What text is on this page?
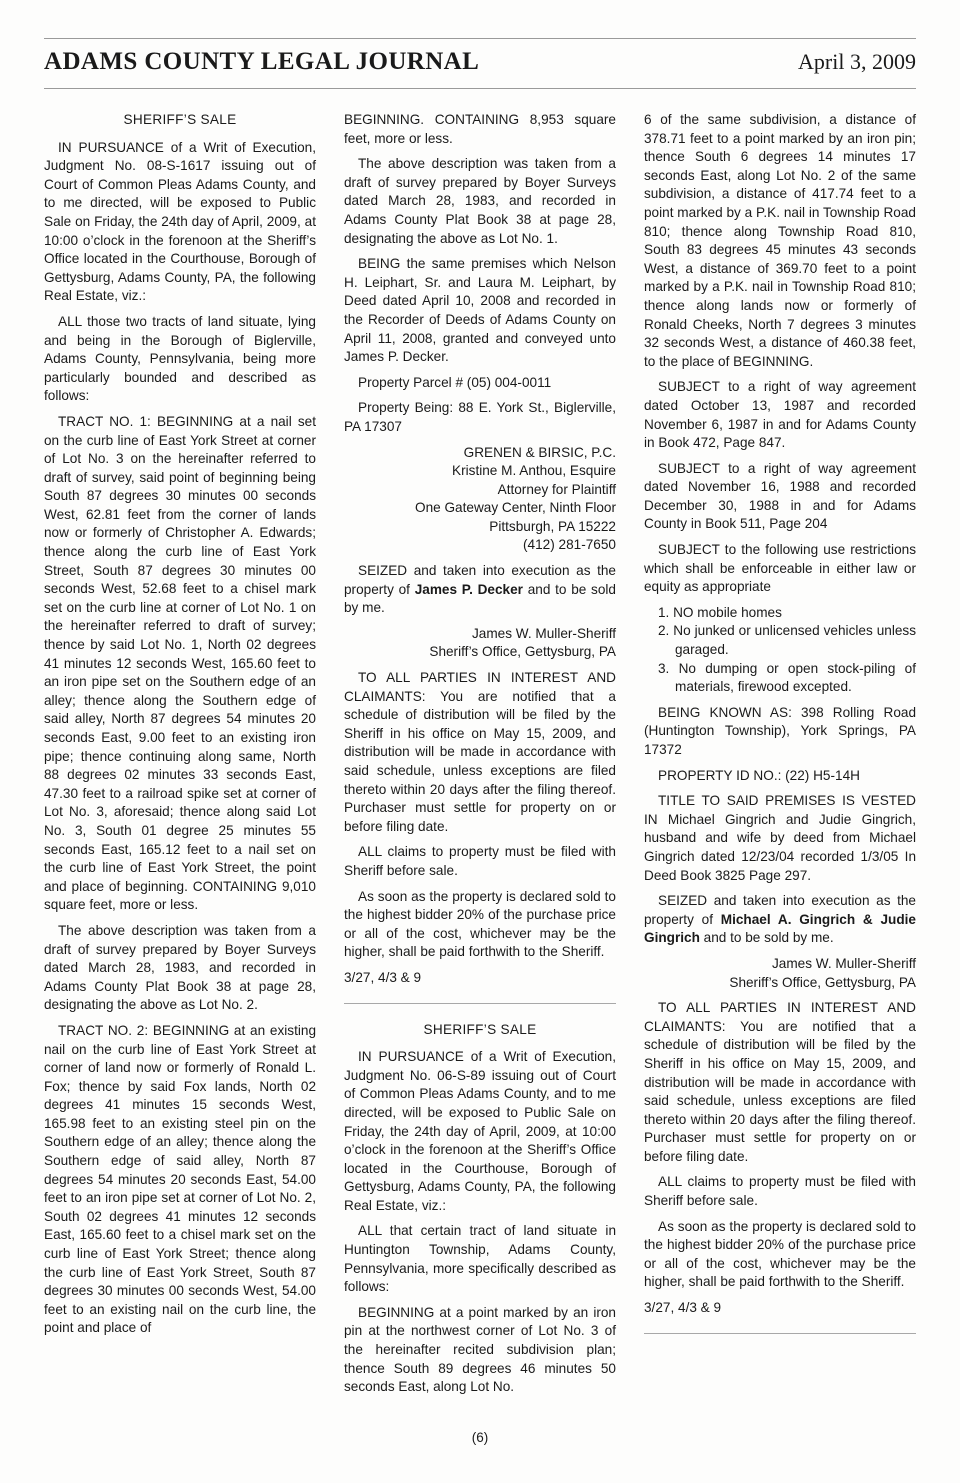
ADAMS COUNTY LEGAL JOURNAL	April 3, 2009
SHERIFF’S SALE

IN PURSUANCE of a Writ of Execution, Judgment No. 08-S-1617 issuing out of Court of Common Pleas Adams County, and to me directed, will be exposed to Public Sale on Friday, the 24th day of April, 2009, at 10:00 o’clock in the forenoon at the Sheriff’s Office located in the Courthouse, Borough of Gettysburg, Adams County, PA, the following Real Estate, viz.:

ALL those two tracts of land situate, lying and being in the Borough of Biglerville, Adams County, Pennsylvania, being more particularly bounded and described as follows:

TRACT NO. 1: BEGINNING at a nail set on the curb line of East York Street at corner of Lot No. 3 on the hereinafter referred to draft of survey, said point of beginning being South 87 degrees 30 minutes 00 seconds West, 62.81 feet from the corner of lands now or formerly of Christopher A. Edwards; thence along the curb line of East York Street, South 87 degrees 30 minutes 00 seconds West, 52.68 feet to a chisel mark set on the curb line at corner of Lot No. 1 on the hereinafter referred to draft of survey; thence by said Lot No. 1, North 02 degrees 41 minutes 12 seconds West, 165.60 feet to an iron pipe set on the Southern edge of an alley; thence along the Southern edge of said alley, North 87 degrees 54 minutes 20 seconds East, 9.00 feet to an existing iron pipe; thence continuing along same, North 88 degrees 02 minutes 33 seconds East, 47.30 feet to a railroad spike set at corner of Lot No. 3, aforesaid; thence along said Lot No. 3, South 01 degree 25 minutes 55 seconds East, 165.12 feet to a nail set on the curb line of East York Street, the point and place of beginning. CONTAINING 9,010 square feet, more or less.

The above description was taken from a draft of survey prepared by Boyer Surveys dated March 28, 1983, and recorded in Adams County Plat Book 38 at page 28, designating the above as Lot No. 2.

TRACT NO. 2: BEGINNING at an existing nail on the curb line of East York Street at corner of land now or formerly of Ronald L. Fox; thence by said Fox lands, North 02 degrees 41 minutes 15 seconds West, 165.98 feet to an existing steel pin on the Southern edge of an alley; thence along the Southern edge of said alley, North 87 degrees 54 minutes 20 seconds East, 54.00 feet to an iron pipe set at corner of Lot No. 2, South 02 degrees 41 minutes 12 seconds East, 165.60 feet to a chisel mark set on the curb line of East York Street; thence along the curb line of East York Street, South 87 degrees 30 minutes 00 seconds West, 54.00 feet to an existing nail on the curb line, the point and place of

BEGINNING. CONTAINING 8,953 square feet, more or less.

The above description was taken from a draft of survey prepared by Boyer Surveys dated March 28, 1983, and recorded in Adams County Plat Book 38 at page 28, designating the above as Lot No. 1.

BEING the same premises which Nelson H. Leiphart, Sr. and Laura M. Leiphart, by Deed dated April 10, 2008 and recorded in the Recorder of Deeds of Adams County on April 11, 2008, granted and conveyed unto James P. Decker.

Property Parcel # (05) 004-0011

Property Being: 88 E. York St., Biglerville, PA 17307

GRENEN & BIRSIC, P.C.
Kristine M. Anthou, Esquire
Attorney for Plaintiff
One Gateway Center, Ninth Floor
Pittsburgh, PA 15222
(412) 281-7650

SEIZED and taken into execution as the property of James P. Decker and to be sold by me.

James W. Muller-Sheriff
Sheriff’s Office, Gettysburg, PA

TO ALL PARTIES IN INTEREST AND CLAIMANTS: You are notified that a schedule of distribution will be filed by the Sheriff in his office on May 15, 2009, and distribution will be made in accordance with said schedule, unless exceptions are filed thereto within 20 days after the filing thereof. Purchaser must settle for property on or before filing date.

ALL claims to property must be filed with Sheriff before sale.

As soon as the property is declared sold to the highest bidder 20% of the purchase price or all of the cost, whichever may be the higher, shall be paid forthwith to the Sheriff.

3/27, 4/3 & 9

SHERIFF’S SALE

IN PURSUANCE of a Writ of Execution, Judgment No. 06-S-89 issuing out of Court of Common Pleas Adams County, and to me directed, will be exposed to Public Sale on Friday, the 24th day of April, 2009, at 10:00 o’clock in the forenoon at the Sheriff’s Office located in the Courthouse, Borough of Gettysburg, Adams County, PA, the following Real Estate, viz.:

ALL that certain tract of land situate in Huntington Township, Adams County, Pennsylvania, more specifically described as follows:

BEGINNING at a point marked by an iron pin at the northwest corner of Lot No. 3 of the hereinafter recited subdivision plan; thence South 89 degrees 46 minutes 50 seconds East, along Lot No.

6 of the same subdivision, a distance of 378.71 feet to a point marked by an iron pin; thence South 6 degrees 14 minutes 17 seconds East, along Lot No. 2 of the same subdivision, a distance of 417.74 feet to a point marked by a P.K. nail in Township Road 810; thence along Township Road 810, South 83 degrees 45 minutes 43 seconds West, a distance of 369.70 feet to a point marked by a P.K. nail in Township Road 810; thence along lands now or formerly of Ronald Cheeks, North 7 degrees 3 minutes 32 seconds West, a distance of 460.38 feet, to the place of BEGINNING.

SUBJECT to a right of way agreement dated October 13, 1987 and recorded November 6, 1987 in and for Adams County in Book 472, Page 847.

SUBJECT to a right of way agreement dated November 16, 1988 and recorded December 30, 1988 in and for Adams County in Book 511, Page 204

SUBJECT to the following use restrictions which shall be enforceable in either law or equity as appropriate

1. NO mobile homes
2. No junked or unlicensed vehicles unless garaged.
3. No dumping or open stock-piling of materials, firewood excepted.

BEING KNOWN AS: 398 Rolling Road (Huntington Township), York Springs, PA 17372

PROPERTY ID NO.: (22) H5-14H

TITLE TO SAID PREMISES IS VESTED IN Michael Gingrich and Judie Gingrich, husband and wife by deed from Michael Gingrich dated 12/23/04 recorded 1/3/05 In Deed Book 3825 Page 297.

SEIZED and taken into execution as the property of Michael A. Gingrich & Judie Gingrich and to be sold by me.

James W. Muller-Sheriff
Sheriff’s Office, Gettysburg, PA

TO ALL PARTIES IN INTEREST AND CLAIMANTS: You are notified that a schedule of distribution will be filed by the Sheriff in his office on May 15, 2009, and distribution will be made in accordance with said schedule, unless exceptions are filed thereto within 20 days after the filing thereof. Purchaser must settle for property on or before filing date.

ALL claims to property must be filed with Sheriff before sale.

As soon as the property is declared sold to the highest bidder 20% of the purchase price or all of the cost, whichever may be the higher, shall be paid forthwith to the Sheriff.

3/27, 4/3 & 9

(6)
